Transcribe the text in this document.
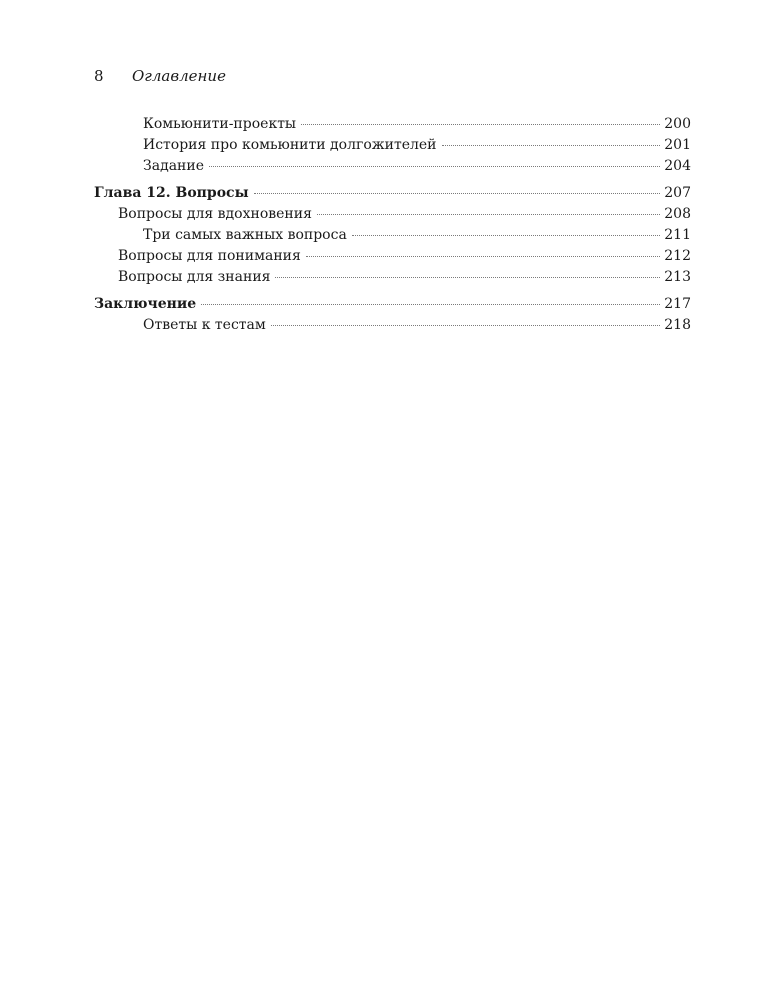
8	Оглавление
Комьюнити-проекты	200
История про комьюнити долгожителей	201
Задание	204
Глава 12. Вопросы	207
Вопросы для вдохновения	208
Три самых важных вопроса	211
Вопросы для понимания	212
Вопросы для знания	213
Заключение	217
Ответы к тестам	218
